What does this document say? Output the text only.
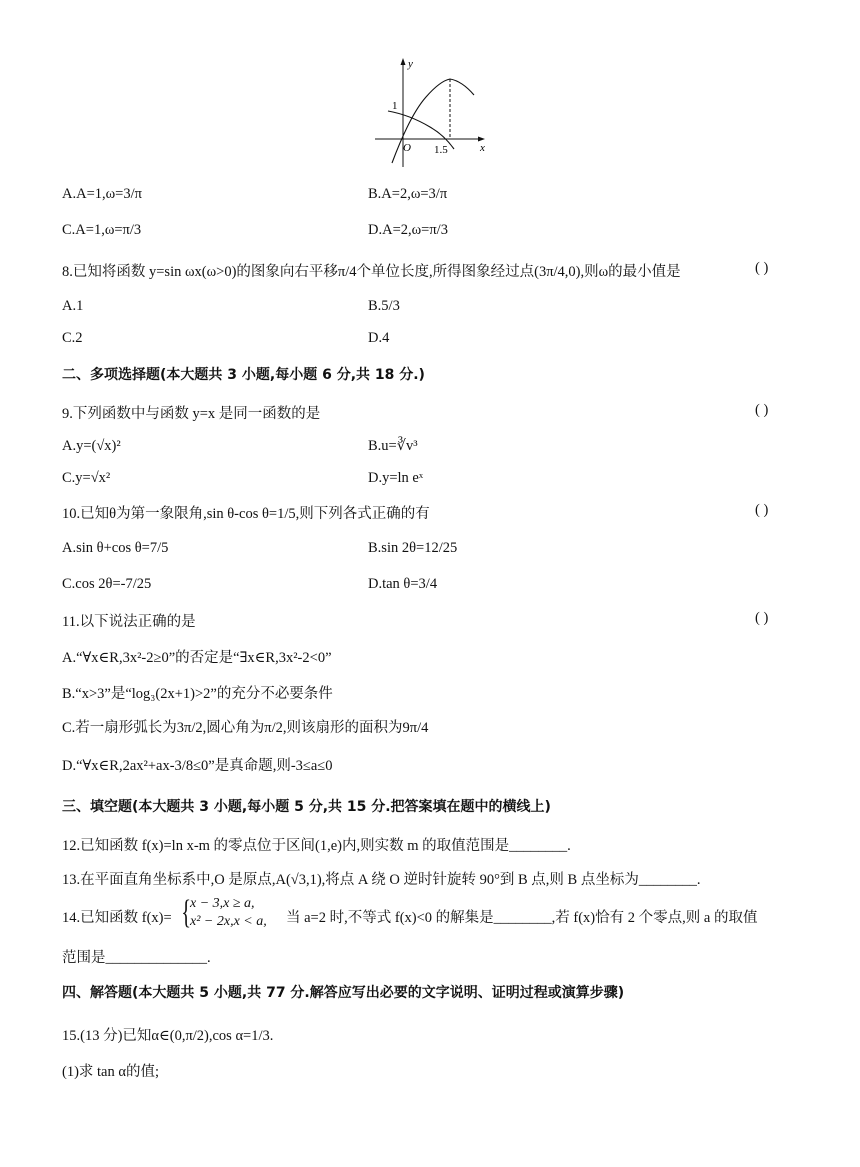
y
x
O
1
1.5
A.A=1,ω=3/π	B.A=2,ω=3/π
C.A=1,ω=π/3	D.A=2,ω=π/3
8.已知将函数 y=sin ωx(ω>0)的图象向右平移π/4个单位长度,所得图象经过点(3π/4,0),则ω的最小值是	( )
A.1	B.5/3
C.2	D.4
二、多项选择题(本大题共 3 小题,每小题 6 分,共 18 分.)
9.下列函数中与函数 y=x 是同一函数的是	( )
A.y=(√x)²	B.u=∛v³
C.y=√x²	D.y=ln eˣ
10.已知θ为第一象限角,sin θ-cos θ=1/5,则下列各式正确的有	( )
A.sin θ+cos θ=7/5	B.sin 2θ=12/25
C.cos 2θ=-7/25	D.tan θ=3/4
11.以下说法正确的是	( )
A.“∀x∈R,3x²-2≥0”的否定是“∃x∈R,3x²-2<0”
B.“x>3”是“log₃(2x+1)>2”的充分不必要条件
C.若一扇形弧长为3π/2,圆心角为π/2,则该扇形的面积为9π/4
D.“∀x∈R,2ax²+ax-3/8≤0”是真命题,则-3≤a≤0
三、填空题(本大题共 3 小题,每小题 5 分,共 15 分.把答案填在题中的横线上)
12.已知函数 f(x)=ln x-m 的零点位于区间(1,e)内,则实数 m 的取值范围是________.
13.在平面直角坐标系中,O 是原点,A(√3,1),将点 A 绕 O 逆时针旋转 90°到 B 点,则 B 点坐标为________.
14.已知函数 f(x)= {
x − 3,x ≥ a,
x² − 2x,x < a, 当 a=2 时,不等式 f(x)<0 的解集是________,若 f(x)恰有 2 个零点,则 a 的取值
范围是______________.
四、解答题(本大题共 5 小题,共 77 分.解答应写出必要的文字说明、证明过程或演算步骤)
15.(13 分)已知α∈(0,π/2),cos α=1/3.
(1)求 tan α的值;
